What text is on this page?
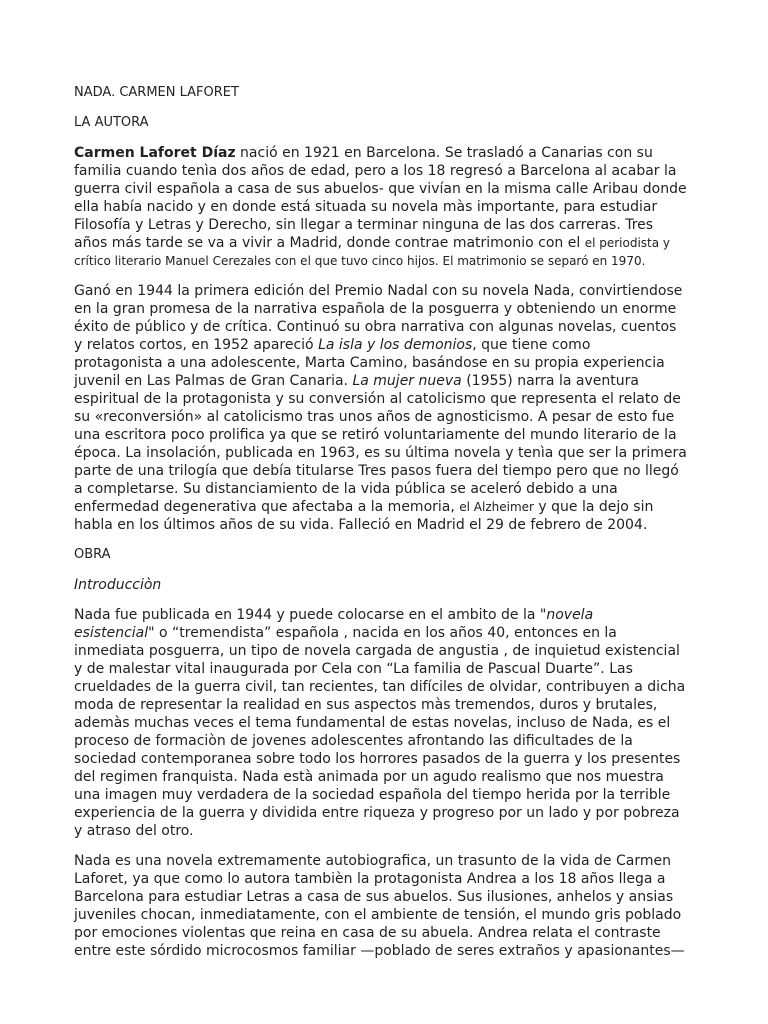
NADA. CARMEN LAFORET

LA AUTORA

Carmen Laforet Díaz nació en 1921 en Barcelona. Se trasladó a Canarias con su

familia cuando tenìa dos años de edad, pero a los 18 regresó a Barcelona al acabar la

guerra civil española a casa de sus abuelos- que vivían en la misma calle Aribau donde

ella había nacido y en donde está situada su novela màs importante, para estudiar

Filosofía y Letras y Derecho, sin llegar a terminar ninguna de las dos carreras. Tres

años más tarde se va a vivir a Madrid, donde contrae matrimonio con el el periodista y

crítico literario Manuel Cerezales con el que tuvo cinco hijos. El matrimonio se separó en 1970.

Ganó en 1944 la primera edición del Premio Nadal con su novela Nada, convirtiendose

en la gran promesa de la narrativa española de la posguerra y obteniendo un enorme

éxito de público y de crítica. Continuó su obra narrativa con algunas novelas, cuentos

y relatos cortos, en 1952 apareció La isla y los demonios, que tiene como

protagonista a una adolescente, Marta Camino, basándose en su propia experiencia

juvenil en Las Palmas de Gran Canaria. La mujer nueva (1955) narra la aventura

espiritual de la protagonista y su conversión al catolicismo que representa el relato de

su «reconversión» al catolicismo tras unos años de agnosticismo. A pesar de esto fue

una escritora poco prolifica ya que se retiró voluntariamente del mundo literario de la

época. La insolación, publicada en 1963, es su última novela y tenìa que ser la primera

parte de una trilogía que debía titularse Tres pasos fuera del tiempo pero que no llegó

a completarse. Su distanciamiento de la vida pública se aceleró debido a una

enfermedad degenerativa que afectaba a la memoria, el Alzheimer y que la dejo sin

habla en los últimos años de su vida. Falleció en Madrid el 29 de febrero de 2004.

OBRA

Introducciòn

Nada fue publicada en 1944 y puede colocarse en el ambito de la "novela

esistencial" o “tremendista” española , nacida en los años 40, entonces en la

inmediata posguerra, un tipo de novela cargada de angustia , de inquietud existencial

y de malestar vital inaugurada por Cela con “La familia de Pascual Duarte”. Las

crueldades de la guerra civil, tan recientes, tan difíciles de olvidar, contribuyen a dicha

moda de representar la realidad en sus aspectos màs tremendos, duros y brutales,

ademàs muchas veces el tema fundamental de estas novelas, incluso de Nada, es el

proceso de formaciòn de jovenes adolescentes afrontando las dificultades de la

sociedad contemporanea sobre todo los horrores pasados de la guerra y los presentes

del regimen franquista. Nada està animada por un agudo realismo que nos muestra

una imagen muy verdadera de la sociedad española del tiempo herida por la terrible

experiencia de la guerra y dividida entre riqueza y progreso por un lado y por pobreza

y atraso del otro.

Nada es una novela extremamente autobiografica, un trasunto de la vida de Carmen

Laforet, ya que como lo autora tambièn la protagonista Andrea a los 18 años llega a

Barcelona para estudiar Letras a casa de sus abuelos. Sus ilusiones, anhelos y ansias

juveniles chocan, inmediatamente, con el ambiente de tensión, el mundo gris poblado

por emociones violentas que reina en casa de su abuela. Andrea relata el contraste

entre este sórdido microcosmos familiar —poblado de seres extraños y apasionantes—
